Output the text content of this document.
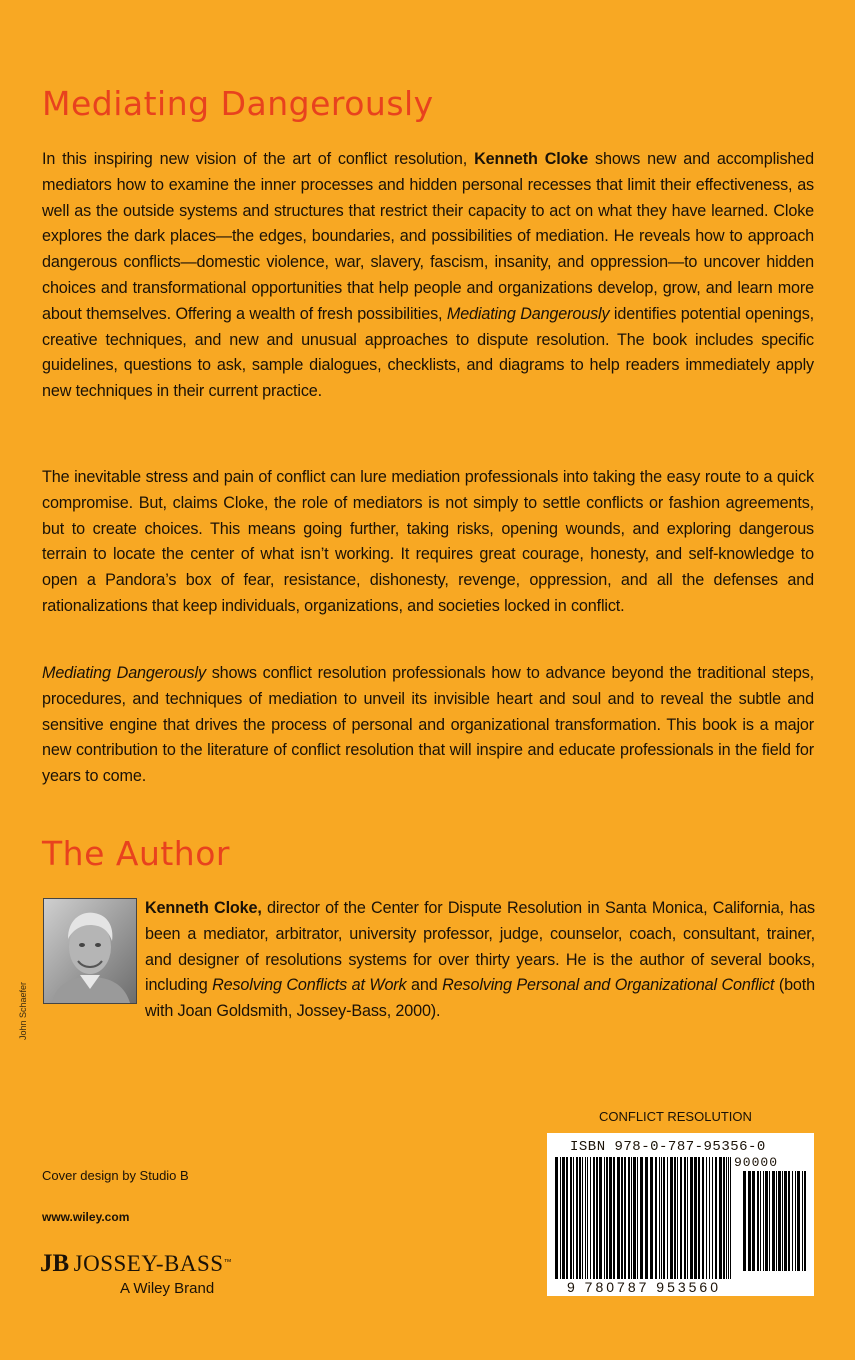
Mediating Dangerously

In this inspiring new vision of the art of conflict resolution, Kenneth Cloke shows new and accomplished mediators how to examine the inner processes and hidden personal recesses that limit their effectiveness, as well as the outside systems and structures that restrict their capacity to act on what they have learned. Cloke explores the dark places—the edges, boundaries, and possibilities of mediation. He reveals how to approach dangerous conflicts—domestic violence, war, slavery, fascism, insanity, and oppression—to uncover hidden choices and transformational opportunities that help people and organizations develop, grow, and learn more about themselves. Offering a wealth of fresh possibilities, Mediating Dangerously identifies potential openings, creative techniques, and new and unusual approaches to dispute resolution. The book includes specific guidelines, questions to ask, sample dialogues, checklists, and diagrams to help readers immediately apply new techniques in their current practice.

The inevitable stress and pain of conflict can lure mediation professionals into taking the easy route to a quick compromise. But, claims Cloke, the role of mediators is not simply to settle conflicts or fashion agreements, but to create choices. This means going further, taking risks, opening wounds, and exploring dangerous terrain to locate the center of what isn’t working. It requires great courage, honesty, and self-knowledge to open a Pandora’s box of fear, resistance, dishonesty, revenge, oppression, and all the defenses and rationalizations that keep individuals, organizations, and societies locked in conflict.

Mediating Dangerously shows conflict resolution professionals how to advance beyond the traditional steps, procedures, and techniques of mediation to unveil its invisible heart and soul and to reveal the subtle and sensitive engine that drives the process of personal and organizational transformation. This book is a major new contribution to the literature of conflict resolution that will inspire and educate professionals in the field for years to come.

The Author
John Schaefer

Kenneth Cloke, director of the Center for Dispute Resolution in Santa Monica, California, has been a mediator, arbitrator, university professor, judge, counselor, coach, consultant, trainer, and designer of resolutions systems for over thirty years. He is the author of several books, including Resolving Conflicts at Work and Resolving Personal and Organizational Conflict (both with Joan Goldsmith, Jossey-Bass, 2000).

Cover design by Studio B
www.wiley.com
JB JOSSEY-BASS™
A Wiley Brand
CONFLICT RESOLUTION
ISBN 978-0-787-95356-0
90000
9 780787 953560
